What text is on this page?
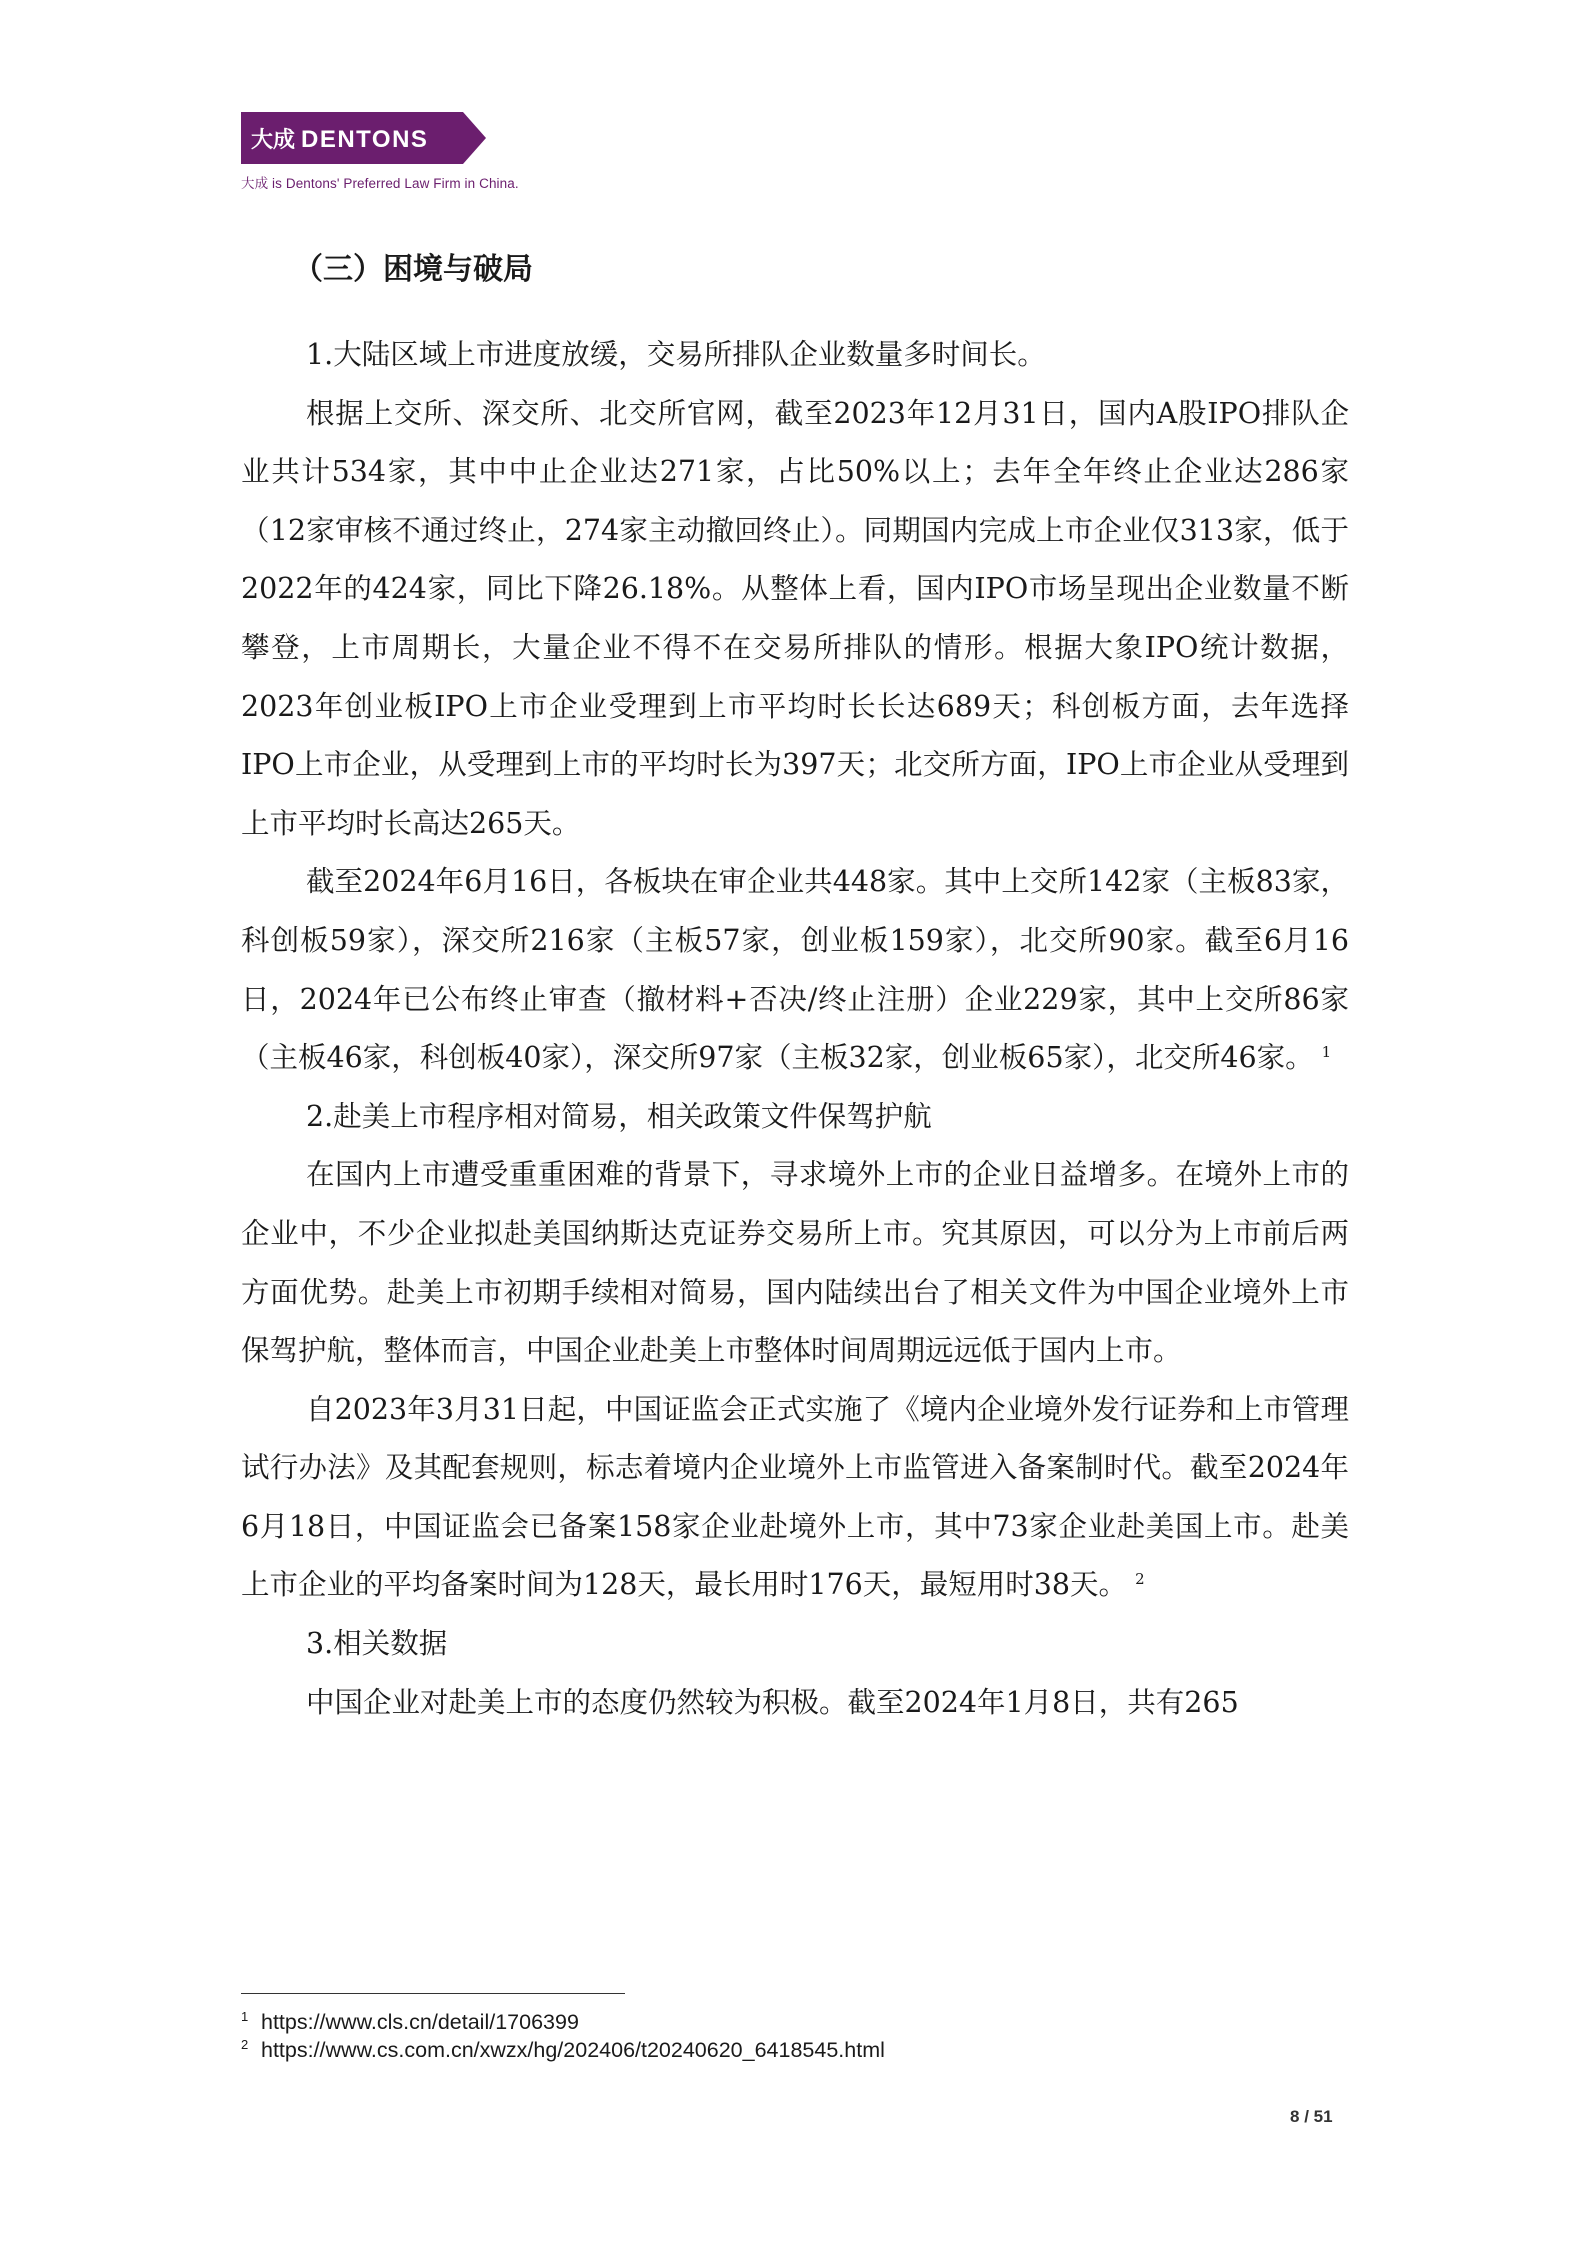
大成 DENTONS
大成 is Dentons' Preferred Law Firm in China.
（三）困境与破局

1.大陆区域上市进度放缓，交易所排队企业数量多时间长。

根据上交所、深交所、北交所官网，截至2023年12月31日，国内A股IPO排队企业共计534家，其中中止企业达271家，占比50%以上；去年全年终止企业达286家（12家审核不通过终止，274家主动撤回终止）。同期国内完成上市企业仅313家，低于2022年的424家，同比下降26.18%。从整体上看，国内IPO市场呈现出企业数量不断攀登，上市周期长，大量企业不得不在交易所排队的情形。根据大象IPO统计数据，2023年创业板IPO上市企业受理到上市平均时长长达689天；科创板方面，去年选择IPO上市企业，从受理到上市的平均时长为397天；北交所方面，IPO上市企业从受理到上市平均时长高达265天。

截至2024年6月16日，各板块在审企业共448家。其中上交所142家（主板83家，科创板59家），深交所216家（主板57家，创业板159家），北交所90家。截至6月16日，2024年已公布终止审查（撤材料+否决/终止注册）企业229家，其中上交所86家（主板46家，科创板40家），深交所97家（主板32家，创业板65家），北交所46家。 $^1$

2.赴美上市程序相对简易，相关政策文件保驾护航

在国内上市遭受重重困难的背景下，寻求境外上市的企业日益增多。在境外上市的企业中，不少企业拟赴美国纳斯达克证券交易所上市。究其原因，可以分为上市前后两方面优势。赴美上市初期手续相对简易，国内陆续出台了相关文件为中国企业境外上市保驾护航，整体而言，中国企业赴美上市整体时间周期远远低于国内上市。

自2023年3月31日起，中国证监会正式实施了《境内企业境外发行证券和上市管理试行办法》及其配套规则，标志着境内企业境外上市监管进入备案制时代。截至2024年6月18日，中国证监会已备案158家企业赴境外上市，其中73家企业赴美国上市。赴美上市企业的平均备案时间为128天，最长用时176天，最短用时38天。 $^2$

3.相关数据

中国企业对赴美上市的态度仍然较为积极。截至2024年1月8日，共有265

1 https://www.cls.cn/detail/1706399
2 https://www.cs.com.cn/xwzx/hg/202406/t20240620_6418545.html
8 / 51
